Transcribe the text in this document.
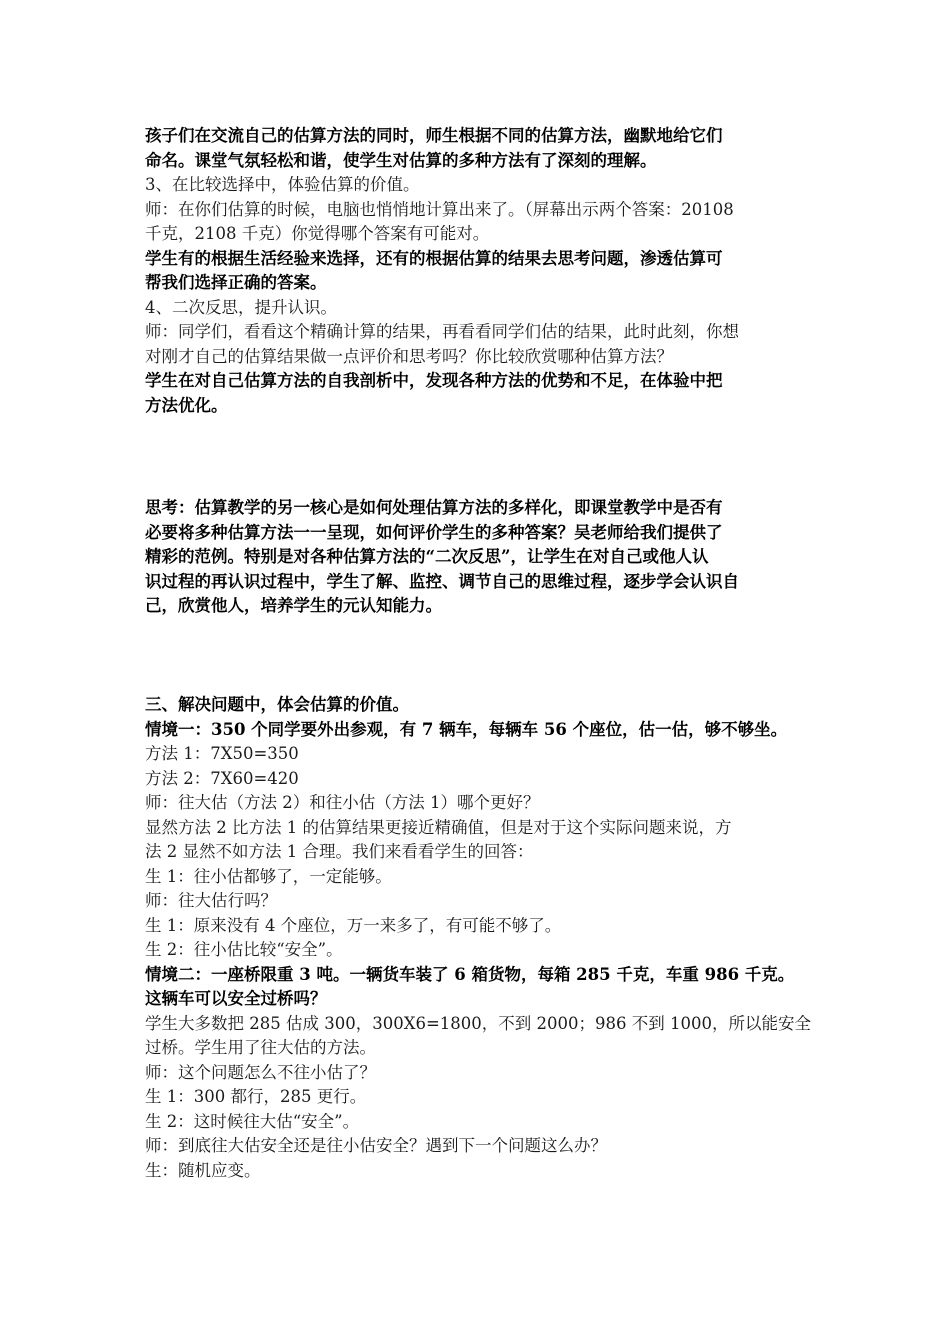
孩子们在交流自己的估算方法的同时，师生根据不同的估算方法，幽默地给它们
命名。课堂气氛轻松和谐，使学生对估算的多种方法有了深刻的理解。
3、在比较选择中，体验估算的价值。
师：在你们估算的时候，电脑也悄悄地计算出来了。（屏幕出示两个答案：20108
千克，2108 千克）你觉得哪个答案有可能对。
学生有的根据生活经验来选择，还有的根据估算的结果去思考问题，渗透估算可
帮我们选择正确的答案。
4、二次反思，提升认识。
师：同学们，看看这个精确计算的结果，再看看同学们估的结果，此时此刻，你想
对刚才自己的估算结果做一点评价和思考吗？你比较欣赏哪种估算方法？
学生在对自己估算方法的自我剖析中，发现各种方法的优势和不足，在体验中把
方法优化。
思考：估算教学的另一核心是如何处理估算方法的多样化，即课堂教学中是否有
必要将多种估算方法一一呈现，如何评价学生的多种答案？吴老师给我们提供了
精彩的范例。特别是对各种估算方法的“二次反思”，让学生在对自己或他人认
识过程的再认识过程中，学生了解、监控、调节自己的思维过程，逐步学会认识自
己，欣赏他人，培养学生的元认知能力。
三、解决问题中，体会估算的价值。
情境一：350 个同学要外出参观，有 7 辆车，每辆车 56 个座位，估一估，够不够坐。
方法 1：7X50=350
方法 2：7X60=420
师：往大估（方法 2）和往小估（方法 1）哪个更好？
显然方法 2 比方法 1 的估算结果更接近精确值，但是对于这个实际问题来说，方
法 2 显然不如方法 1 合理。我们来看看学生的回答：
生 1：往小估都够了，一定能够。
师：往大估行吗？
生 1：原来没有 4 个座位，万一来多了，有可能不够了。
生 2：往小估比较“安全”。
情境二：一座桥限重 3 吨。一辆货车装了 6 箱货物，每箱 285 千克，车重 986 千克。
这辆车可以安全过桥吗？
学生大多数把 285 估成 300，300X6=1800，不到 2000；986 不到 1000，所以能安全
过桥。学生用了往大估的方法。
师：这个问题怎么不往小估了？
生 1：300 都行，285 更行。
生 2：这时候往大估“安全”。
师：到底往大估安全还是往小估安全？遇到下一个问题这么办？
生：随机应变。
